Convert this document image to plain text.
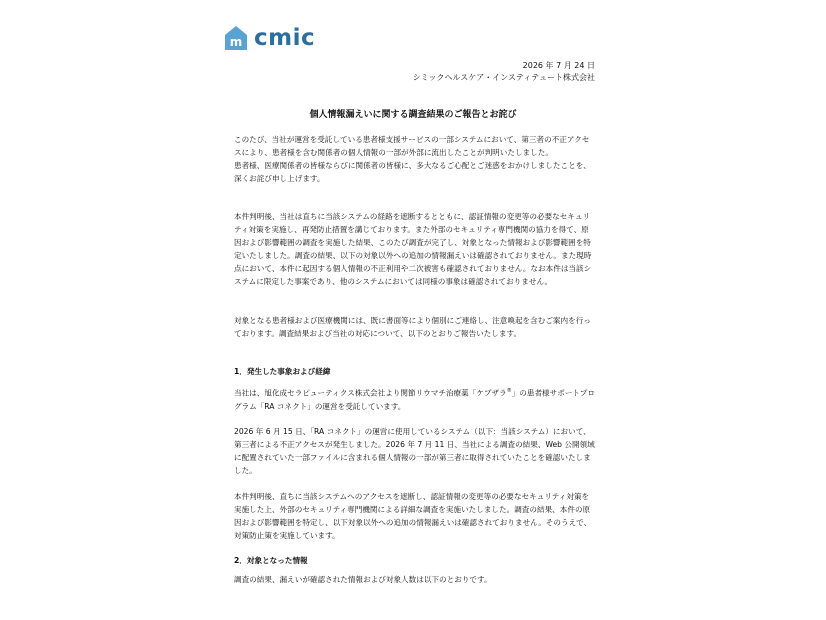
m cmic
2026 年 7 月 24 日
シミックヘルスケア・インスティテュート株式会社
個人情報漏えいに関する調査結果のご報告とお詫び

このたび、当社が運営を受託している患者様支援サービスの一部システムにおいて、第三者の不正アクセスにより、患者様を含む関係者の個人情報の一部が外部に流出したことが判明いたしました。

患者様、医療関係者の皆様ならびに関係者の皆様に、多大なるご心配とご迷惑をおかけしましたことを、深くお詫び申し上げます。

本件判明後、当社は直ちに当該システムの経路を遮断するとともに、認証情報の変更等の必要なセキュリティ対策を実施し、再発防止措置を講じております。また外部のセキュリティ専門機関の協力を得て、原因および影響範囲の調査を実施した結果、このたび調査が完了し、対象となった情報および影響範囲を特定いたしました。調査の結果、以下の対象以外への追加の情報漏えいは確認されておりません。また現時点において、本件に起因する個人情報の不正利用や二次被害も確認されておりません。なお本件は当該システムに限定した事案であり、他のシステムにおいては同様の事象は確認されておりません。

対象となる患者様および医療機関には、既に書面等により個別にご連絡し、注意喚起を含むご案内を行っております。調査結果および当社の対応について、以下のとおりご報告いたします。

1．発生した事象および経緯

当社は、旭化成セラピューティクス株式会社より関節リウマチ治療薬「ケブザラ®」の患者様サポートプログラム「RA コネクト」の運営を受託しています。

2026 年 6 月 15 日、「RA コネクト」の運営に使用しているシステム（以下：当該システム）において、第三者による不正アクセスが発生しました。2026 年 7 月 11 日、当社による調査の結果、Web 公開領域に配置されていた一部ファイルに含まれる個人情報の一部が第三者に取得されていたことを確認いたしました。

本件判明後、直ちに当該システムへのアクセスを遮断し、認証情報の変更等の必要なセキュリティ対策を実施した上、外部のセキュリティ専門機関による詳細な調査を実施いたしました。調査の結果、本件の原因および影響範囲を特定し、以下対象以外への追加の情報漏えいは確認されておりません。そのうえで、対策防止策を実施しています。

2．対象となった情報

調査の結果、漏えいが確認された情報および対象人数は以下のとおりです。
